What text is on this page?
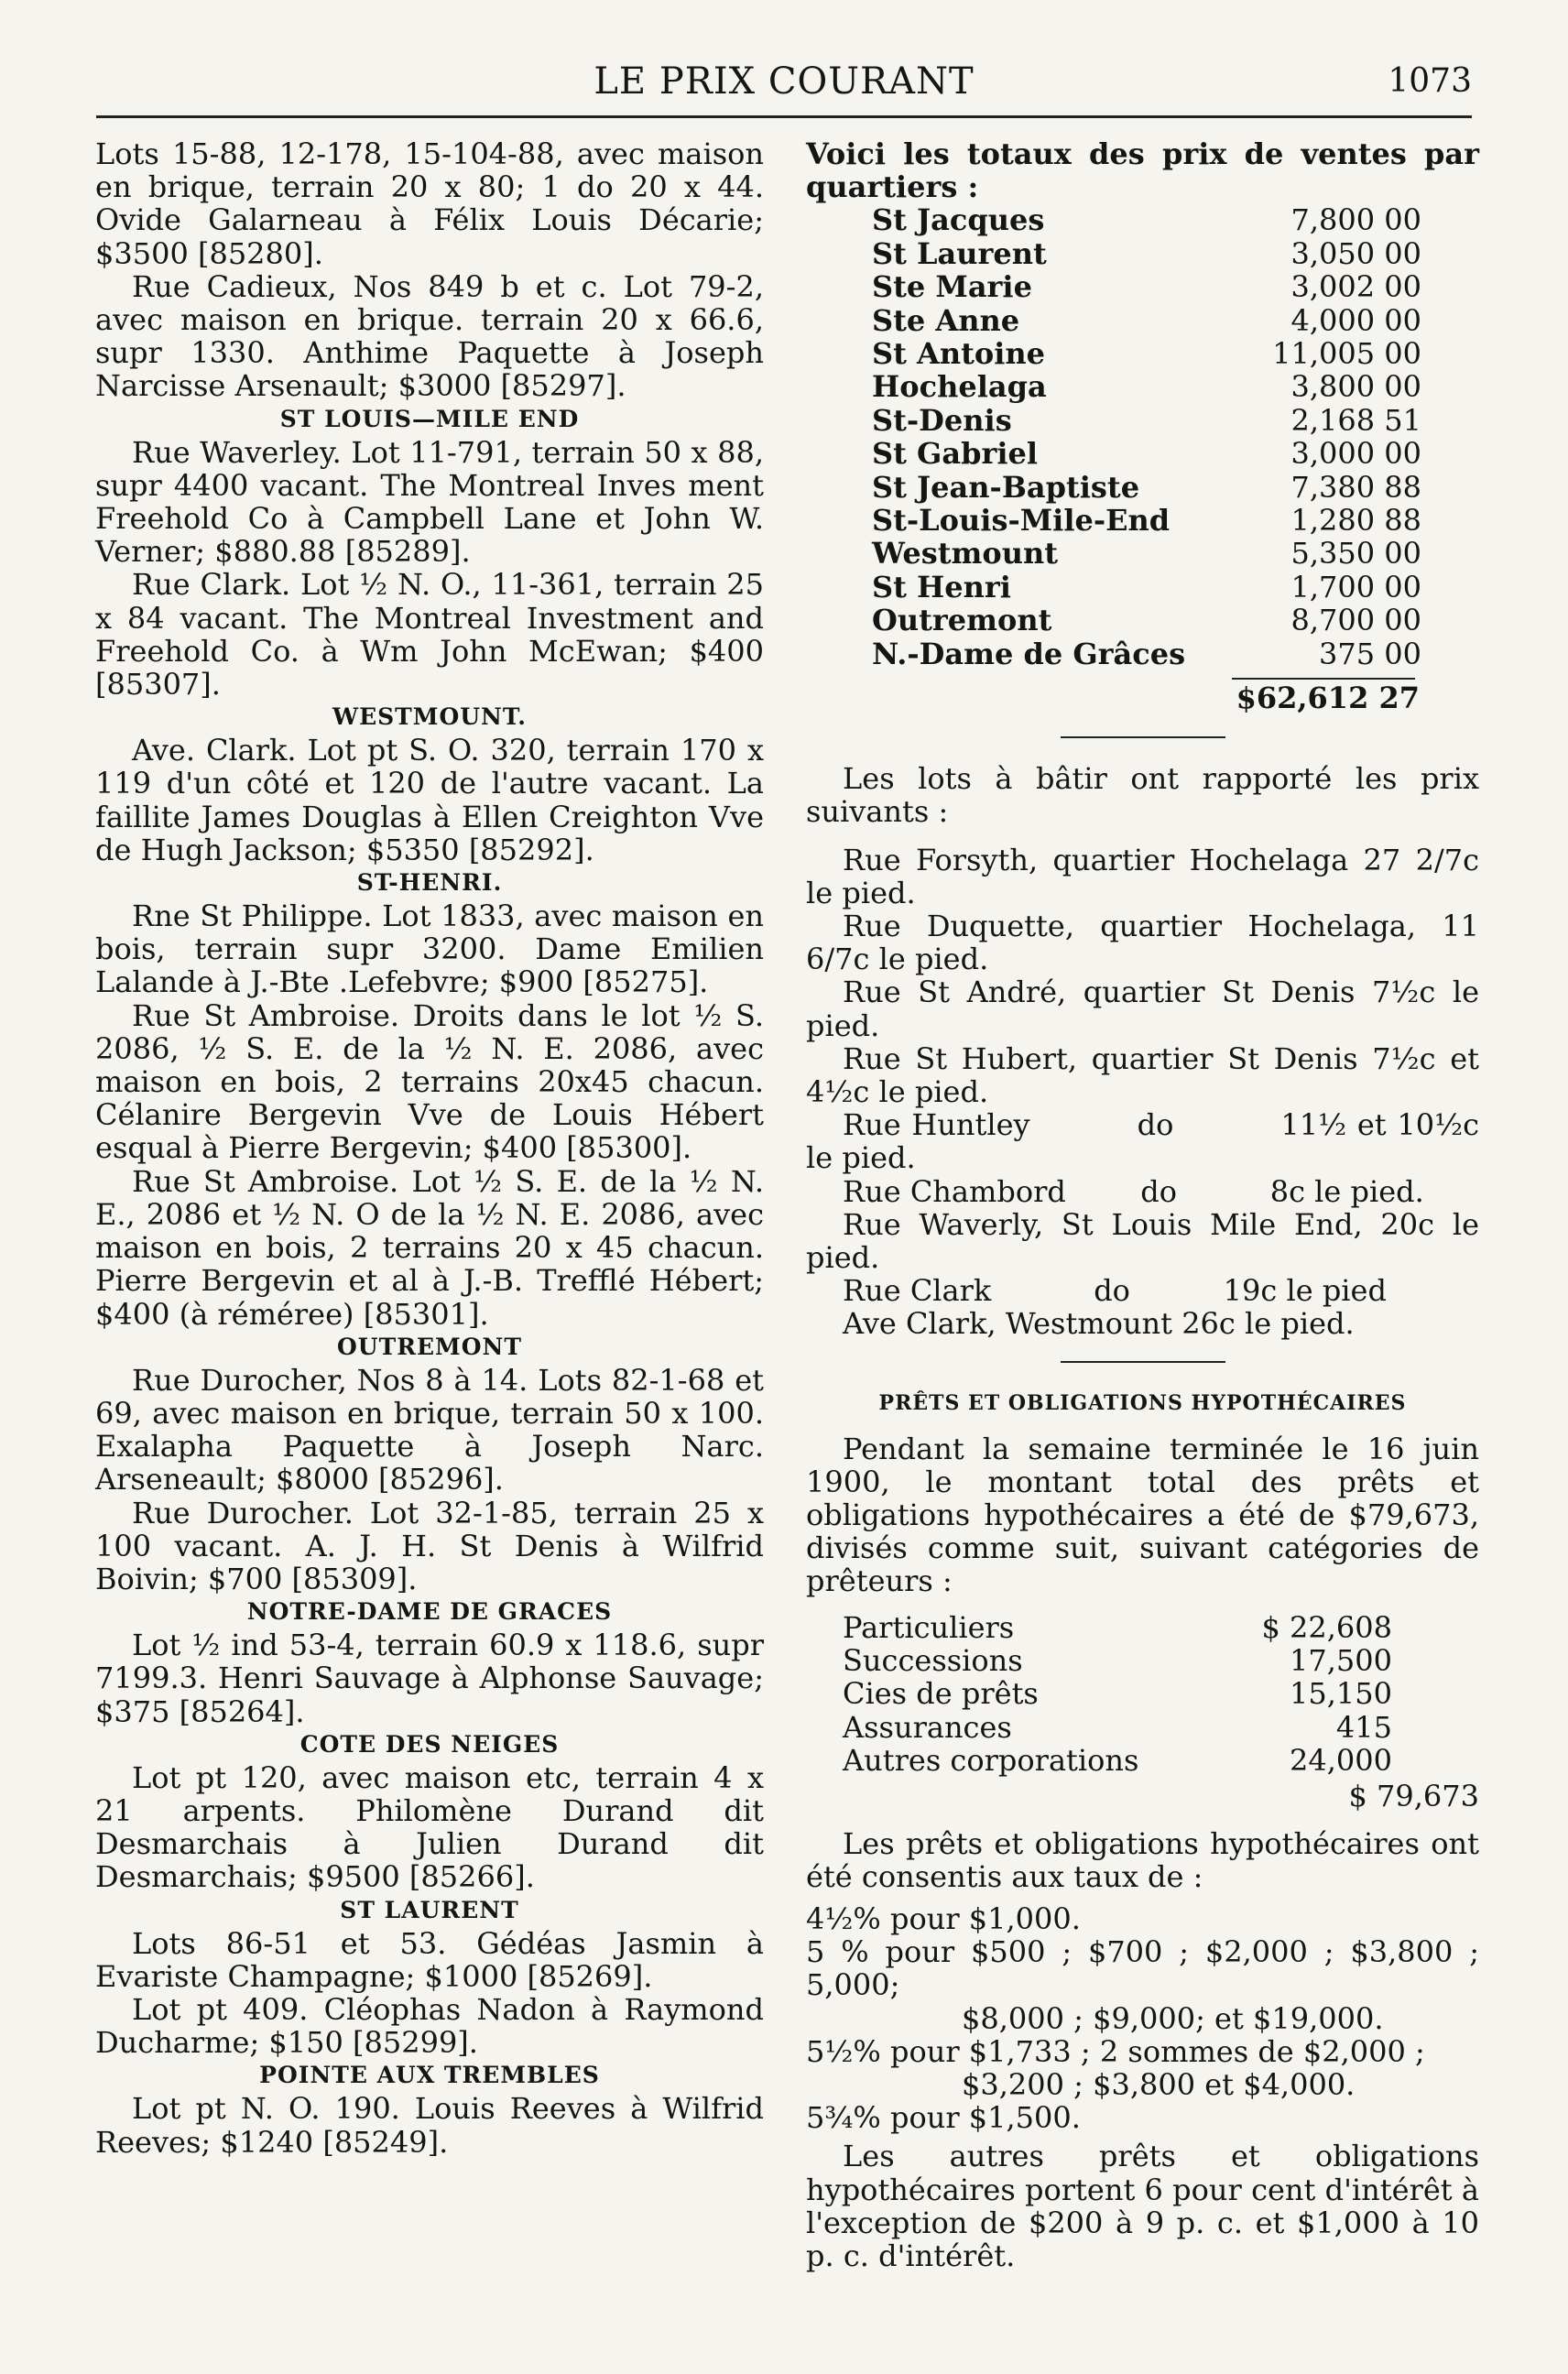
LE PRIX COURANT	1073

Lots 15-88, 12-178, 15-104-88, avec maison en brique, terrain 20 x 80; 1 do 20 x 44. Ovide Galarneau à Félix Louis Décarie; $3500 [85280].

Rue Cadieux, Nos 849 b et c. Lot 79-2, avec maison en brique. terrain 20 x 66.6, supr 1330. Anthime Paquette à Joseph Narcisse Arsenault; $3000 [85297].

ST LOUIS—MILE END

Rue Waverley. Lot 11-791, terrain 50 x 88, supr 4400 vacant. The Montreal Inves ment Freehold Co à Campbell Lane et John W. Verner; $880.88 [85289].

Rue Clark. Lot ½ N. O., 11-361, terrain 25 x 84 vacant. The Montreal Investment and Freehold Co. à Wm John McEwan; $400 [85307].

WESTMOUNT.

Ave. Clark. Lot pt S. O. 320, terrain 170 x 119 d'un côté et 120 de l'autre vacant. La faillite James Douglas à Ellen Creighton Vve de Hugh Jackson; $5350 [85292].

ST-HENRI.

Rne St Philippe. Lot 1833, avec maison en bois, terrain supr 3200. Dame Emilien Lalande à J.-Bte .Lefebvre; $900 [85275].

Rue St Ambroise. Droits dans le lot ½ S. 2086, ½ S. E. de la ½ N. E. 2086, avec maison en bois, 2 terrains 20x45 chacun. Célanire Bergevin Vve de Louis Hébert esqual à Pierre Bergevin; $400 [85300].

Rue St Ambroise. Lot ½ S. E. de la ½ N. E., 2086 et ½ N. O de la ½ N. E. 2086, avec maison en bois, 2 terrains 20 x 45 chacun. Pierre Bergevin et al à J.-B. Trefflé Hébert; $400 (à réméree) [85301].

OUTREMONT

Rue Durocher, Nos 8 à 14. Lots 82-1-68 et 69, avec maison en brique, terrain 50 x 100. Exalapha Paquette à Joseph Narc. Arseneault; $8000 [85296].

Rue Durocher. Lot 32-1-85, terrain 25 x 100 vacant. A. J. H. St Denis à Wilfrid Boivin; $700 [85309].

NOTRE-DAME DE GRACES

Lot ½ ind 53-4, terrain 60.9 x 118.6, supr 7199.3. Henri Sauvage à Alphonse Sauvage; $375 [85264].

COTE DES NEIGES

Lot pt 120, avec maison etc, terrain 4 x 21 arpents. Philomène Durand dit Desmarchais à Julien Durand dit Desmarchais; $9500 [85266].

ST LAURENT

Lots 86-51 et 53. Gédéas Jasmin à Evariste Champagne; $1000 [85269].

Lot pt 409. Cléophas Nadon à Raymond Ducharme; $150 [85299].

POINTE AUX TREMBLES

Lot pt N. O. 190. Louis Reeves à Wilfrid Reeves; $1240 [85249].

Voici les totaux des prix de ventes par quartiers :

St Jacques	7,800 00
St Laurent	3,050 00
Ste Marie	3,002 00
Ste Anne	4,000 00
St Antoine	11,005 00
Hochelaga	3,800 00
St-Denis	2,168 51
St Gabriel	3,000 00
St Jean-Baptiste	7,380 88
St-Louis-Mile-End	1,280 88
Westmount	5,350 00
St Henri	1,700 00
Outremont	8,700 00
N.-Dame de Grâces	375 00
$62,612 27

Les lots à bâtir ont rapporté les prix suivants :

Rue Forsyth, quartier Hochelaga 27 2/7c le pied.

Rue Duquette, quartier Hochelaga, 11 6/7c le pied.

Rue St André, quartier St Denis 7½c le pied.

Rue St Hubert, quartier St Denis 7½c et 4½c le pied.

Rue Huntley          do          11½ et 10½c le pied.

Rue Chambord        do          8c le pied.

Rue Waverly, St Louis Mile End, 20c le pied.

Rue Clark           do          19c le pied

Ave Clark, Westmount 26c le pied.

PRÊTS ET OBLIGATIONS HYPOTHÉCAIRES

Pendant la semaine terminée le 16 juin 1900, le montant total des prêts et obligations hypothécaires a été de $79,673, divisés comme suit, suivant catégories de prêteurs :

Particuliers	$ 22,608
Successions	17,500
Cies de prêts	15,150
Assurances	415
Autres corporations	24,000
$ 79,673

Les prêts et obligations hypothécaires ont été consentis aux taux de :

4½% pour $1,000.

5 % pour $500 ; $700 ; $2,000 ; $3,800 ; 5,000;

$8,000 ; $9,000; et $19,000.

5½% pour $1,733 ; 2 sommes de $2,000 ;

$3,200 ; $3,800 et $4,000.

5¾% pour $1,500.

Les autres prêts et obligations hypothécaires portent 6 pour cent d'intérêt à l'exception de $200 à 9 p. c. et $1,000 à 10 p. c. d'intérêt.
